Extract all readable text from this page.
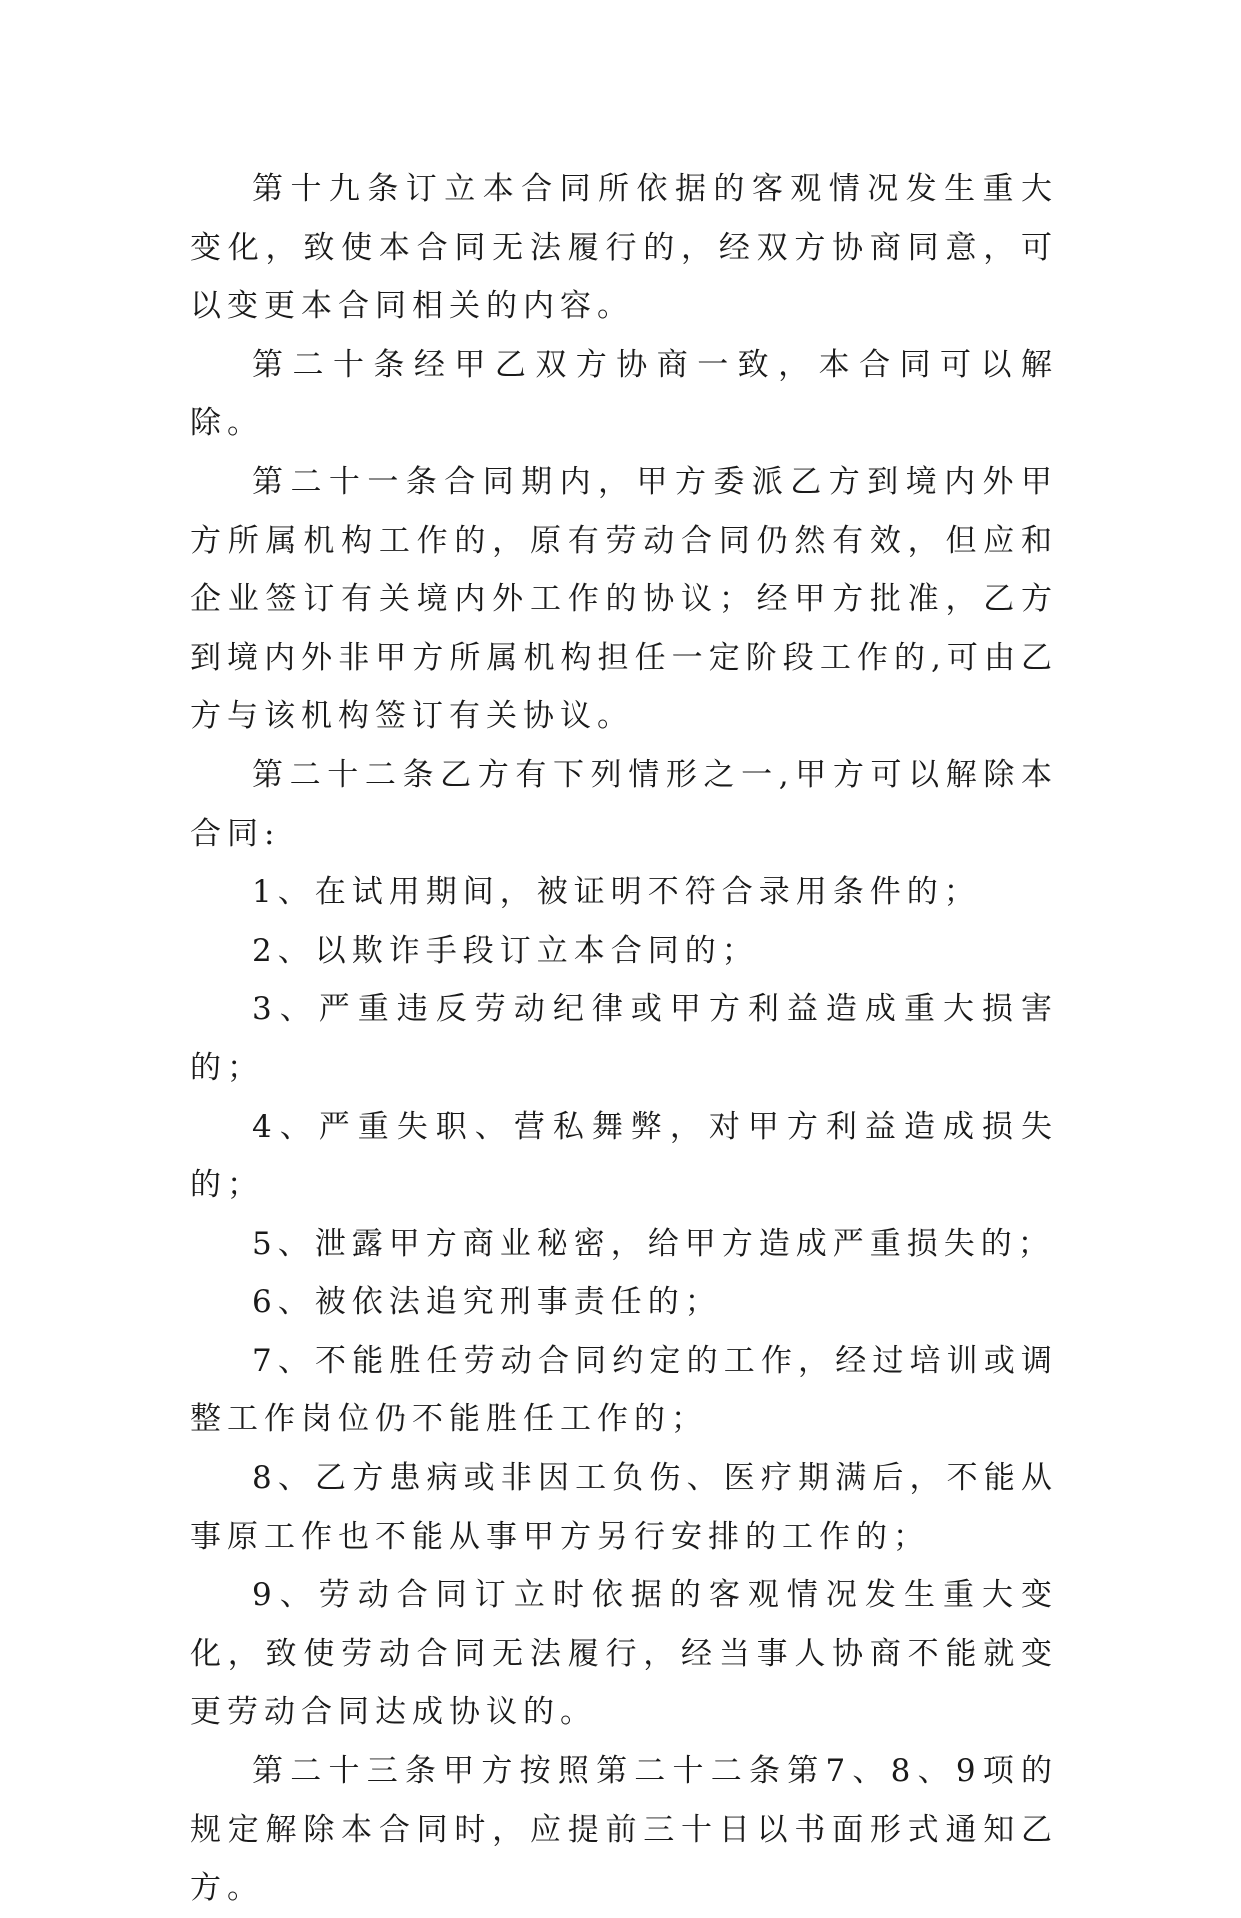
第十九条订立本合同所依据的客观情况发生重大变化，致使本合同无法履行的，经双方协商同意，可以变更本合同相关的内容。

第二十条经甲乙双方协商一致，本合同可以解除。

第二十一条合同期内，甲方委派乙方到境内外甲方所属机构工作的，原有劳动合同仍然有效，但应和企业签订有关境内外工作的协议；经甲方批准，乙方到境内外非甲方所属机构担任一定阶段工作的,可由乙方与该机构签订有关协议。

第二十二条乙方有下列情形之一,甲方可以解除本合同:

1、在试用期间，被证明不符合录用条件的；

2、以欺诈手段订立本合同的；

3、严重违反劳动纪律或甲方利益造成重大损害的；

4、严重失职、营私舞弊，对甲方利益造成损失的；

5、泄露甲方商业秘密，给甲方造成严重损失的；

6、被依法追究刑事责任的；

7、不能胜任劳动合同约定的工作，经过培训或调整工作岗位仍不能胜任工作的；

8、乙方患病或非因工负伤、医疗期满后，不能从事原工作也不能从事甲方另行安排的工作的；

9、劳动合同订立时依据的客观情况发生重大变化，致使劳动合同无法履行，经当事人协商不能就变更劳动合同达成协议的。

第二十三条甲方按照第二十二条第7、8、9项的规定解除本合同时，应提前三十日以书面形式通知乙方。
